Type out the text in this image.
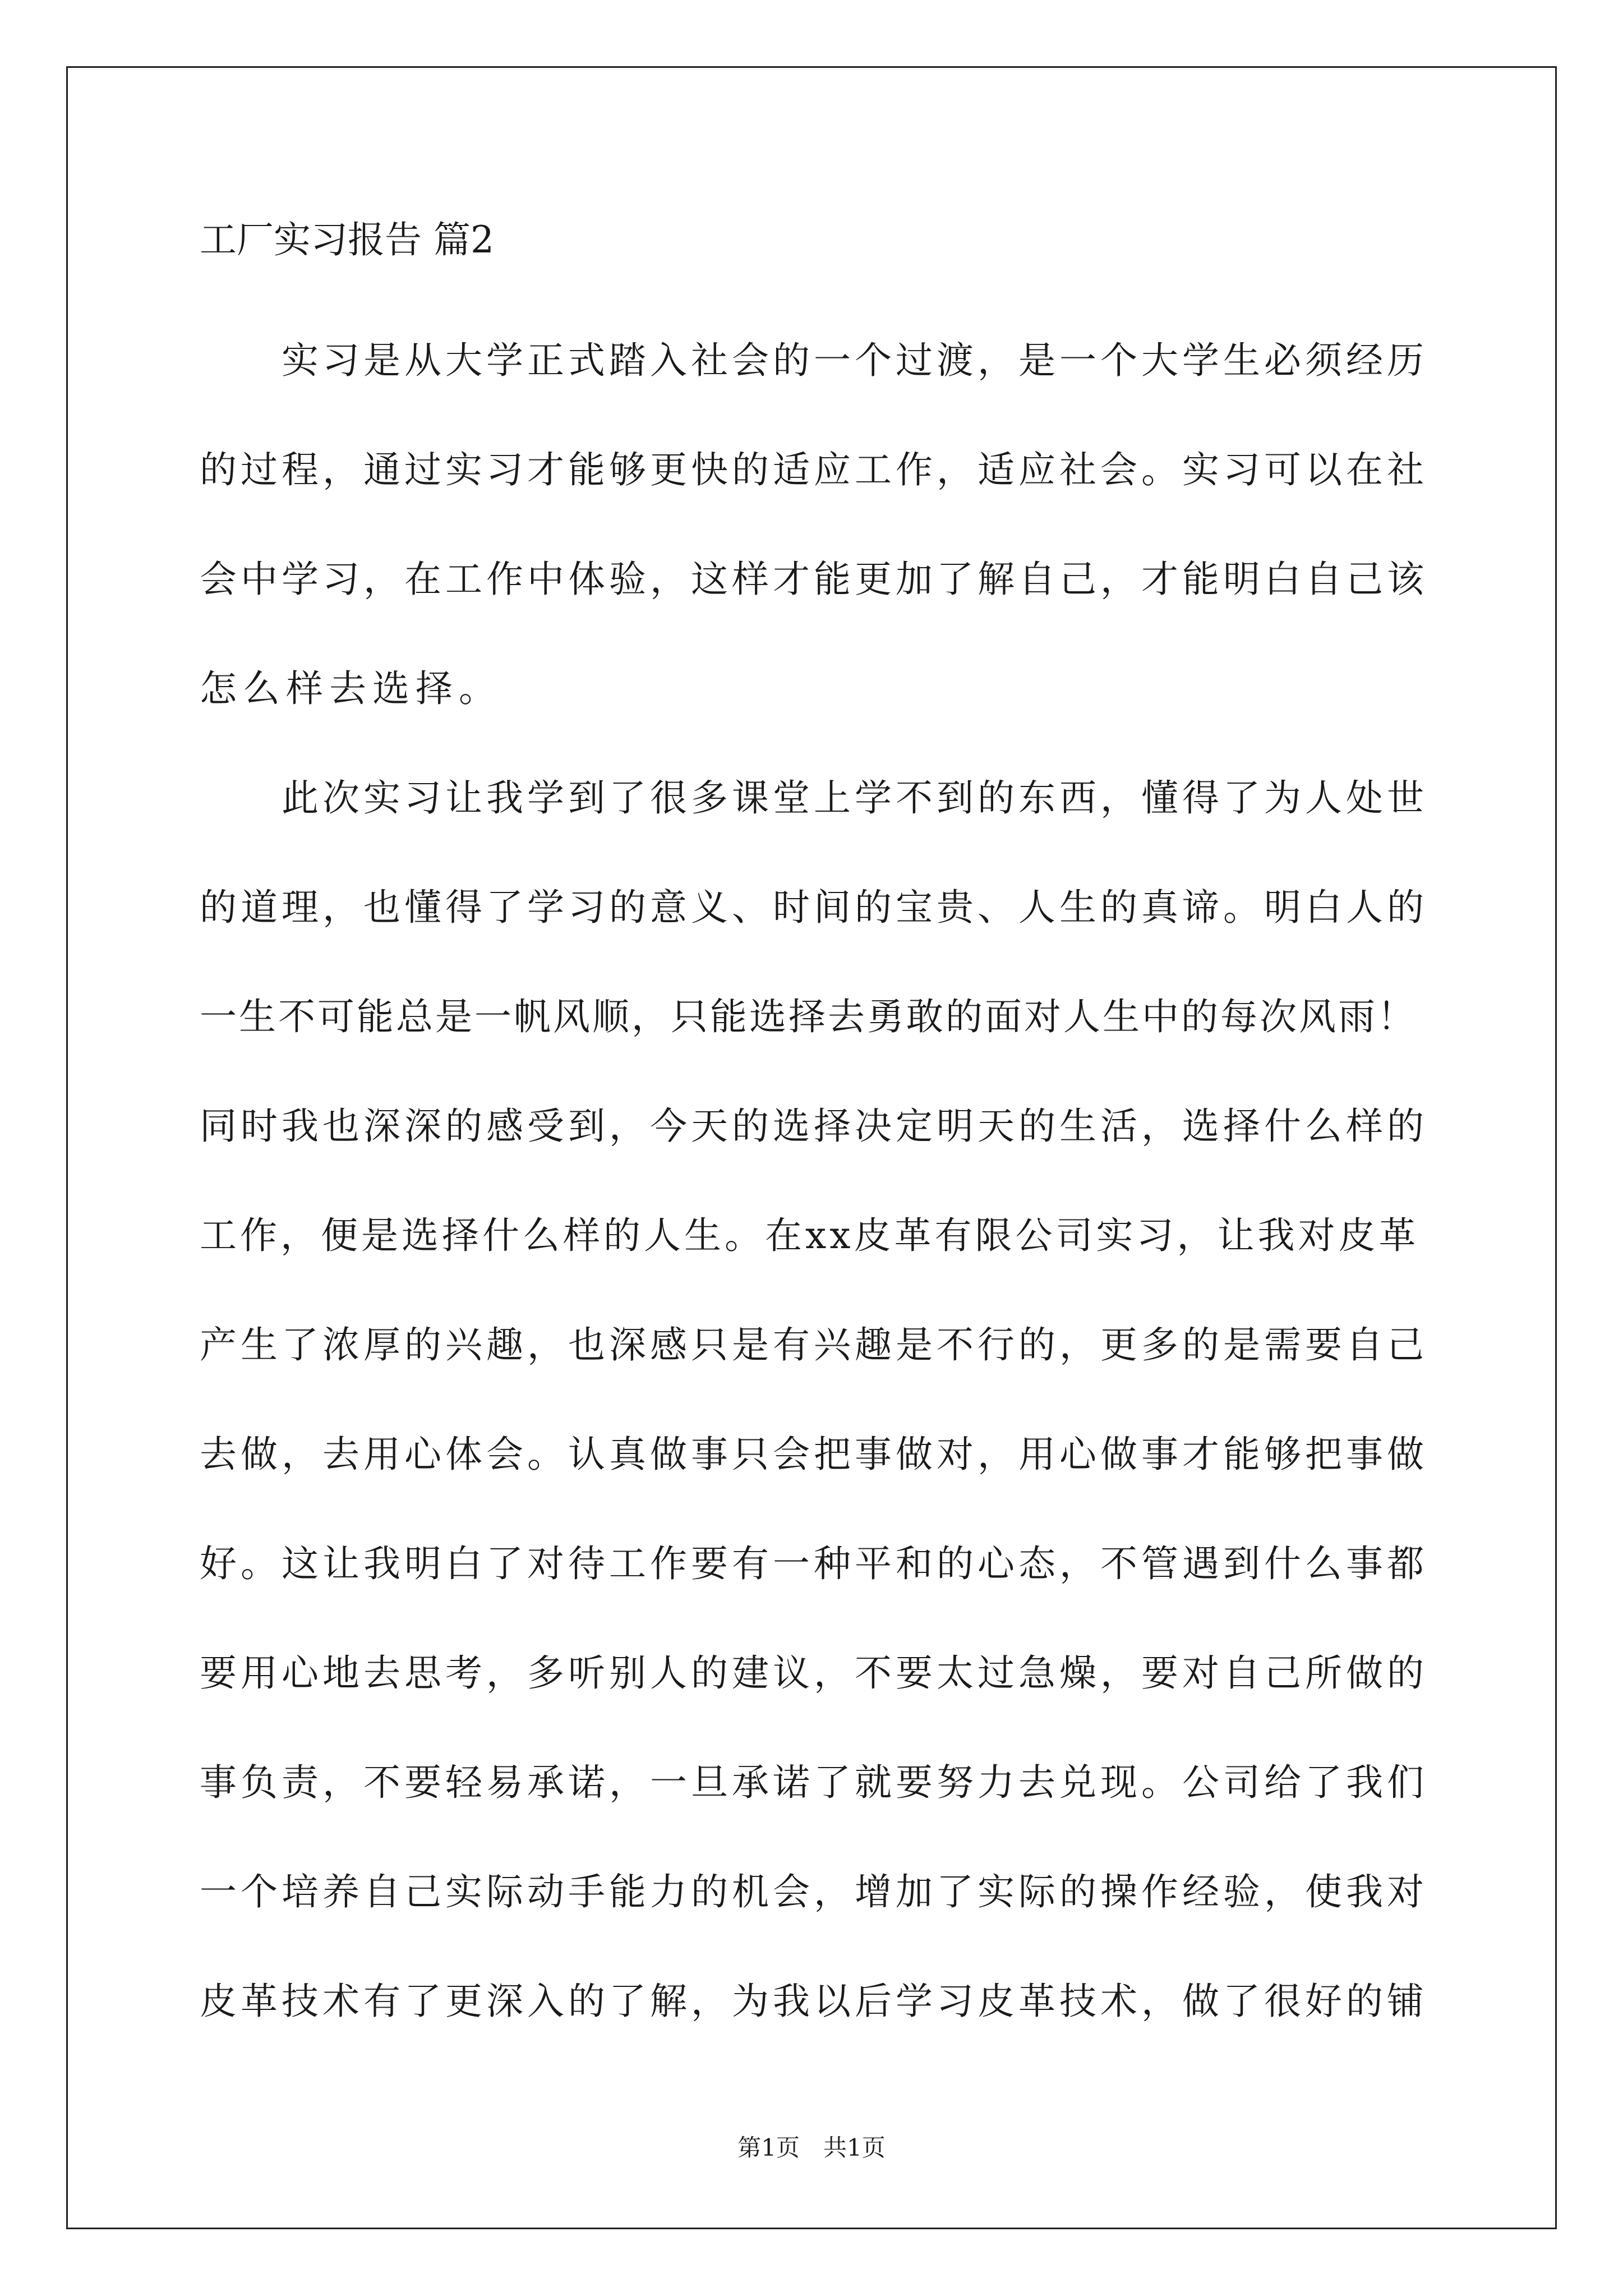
工厂实习报告 篇2
　　实习是从大学正式踏入社会的一个过渡，是一个大学生必须经历
的过程，通过实习才能够更快的适应工作，适应社会。实习可以在社
会中学习，在工作中体验，这样才能更加了解自己，才能明白自己该
怎么样去选择。
　　此次实习让我学到了很多课堂上学不到的东西，懂得了为人处世
的道理，也懂得了学习的意义、时间的宝贵、人生的真谛。明白人的
一生不可能总是一帆风顺，只能选择去勇敢的面对人生中的每次风雨！
同时我也深深的感受到，今天的选择决定明天的生活，选择什么样的
工作，便是选择什么样的人生。在xx皮革有限公司实习，让我对皮革
产生了浓厚的兴趣，也深感只是有兴趣是不行的，更多的是需要自己
去做，去用心体会。认真做事只会把事做对，用心做事才能够把事做
好。这让我明白了对待工作要有一种平和的心态，不管遇到什么事都
要用心地去思考，多听别人的建议，不要太过急燥，要对自己所做的
事负责，不要轻易承诺，一旦承诺了就要努力去兑现。公司给了我们
一个培养自己实际动手能力的机会，增加了实际的操作经验，使我对
皮革技术有了更深入的了解，为我以后学习皮革技术，做了很好的铺
第1页　共1页
